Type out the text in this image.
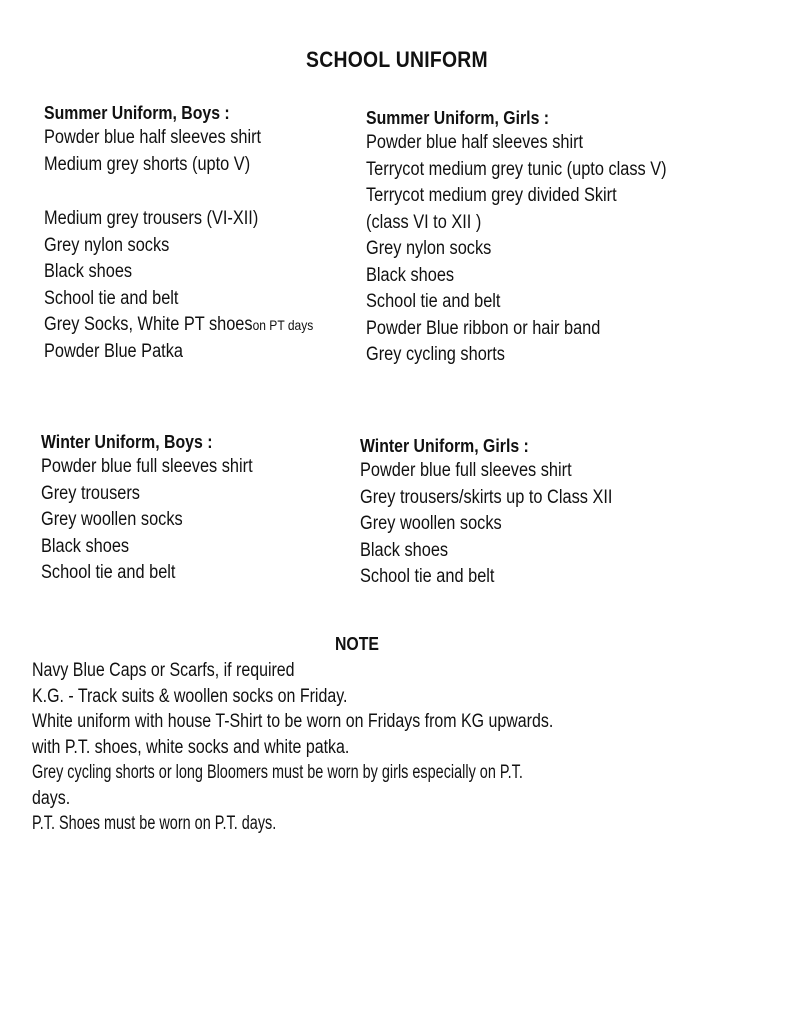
SCHOOL UNIFORM
Summer Uniform, Boys :
Powder blue half sleeves shirt
Medium grey shorts (upto V)
Medium grey trousers (VI-XII)
Grey nylon socks
Black shoes
School tie and belt
Grey Socks, White PT shoeson PT days
Powder Blue Patka
Summer Uniform, Girls :
Powder blue half sleeves shirt
Terrycot medium grey tunic (upto class V)
Terrycot medium grey divided Skirt
(class VI to XII )
Grey nylon socks
Black shoes
School tie and belt
Powder Blue ribbon or hair band
Grey cycling shorts
Winter Uniform, Boys :
Powder blue full sleeves shirt
Grey trousers
Grey woollen socks
Black shoes
School tie and belt
Winter Uniform, Girls :
Powder blue full sleeves shirt
Grey trousers/skirts up to Class XII
Grey woollen socks
Black shoes
School tie and belt
NOTE
Navy Blue Caps or Scarfs, if required
K.G. - Track suits & woollen socks on Friday.
White uniform with house T-Shirt to be worn on Fridays from KG upwards.
with P.T. shoes, white socks and white patka.
Grey cycling shorts or long Bloomers must be worn by girls especially on P.T.
days.
P.T. Shoes must be worn on P.T. days.
